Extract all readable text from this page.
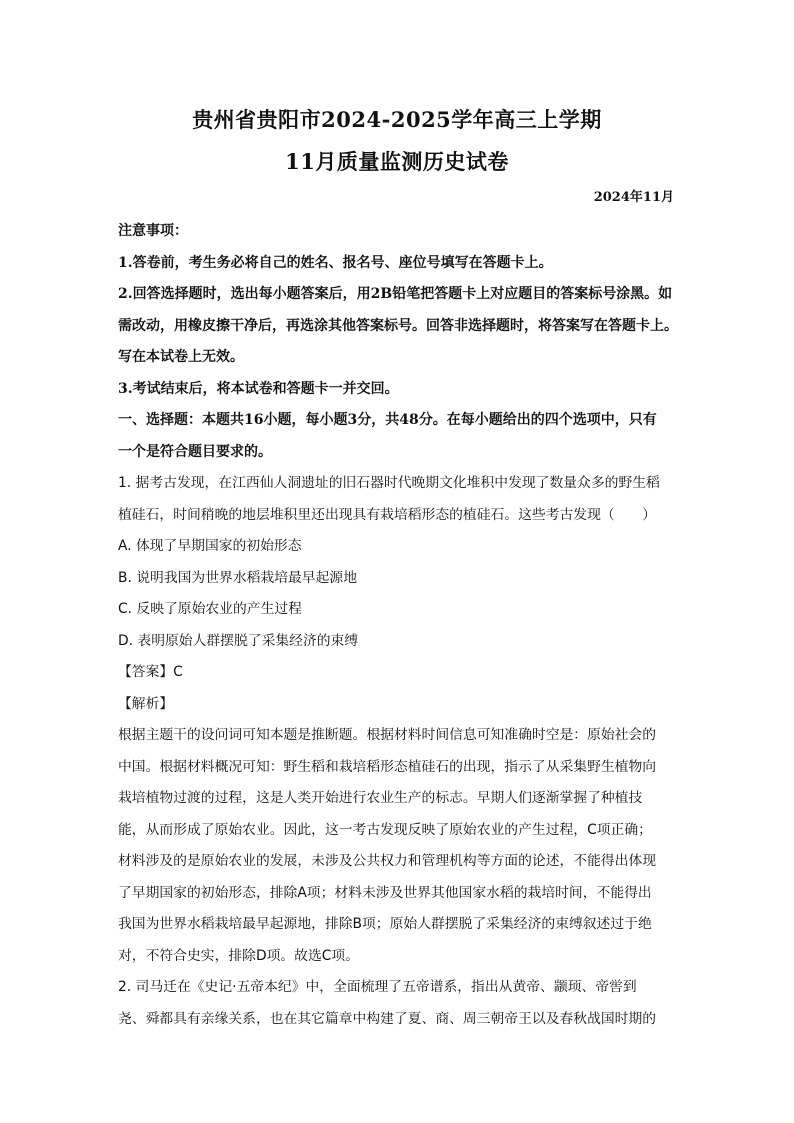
贵州省贵阳市2024-2025学年高三上学期
11月质量监测历史试卷
2024年11月
注意事项：
1.答卷前，考生务必将自己的姓名、报名号、座位号填写在答题卡上。
2.回答选择题时，选出每小题答案后，用2B铅笔把答题卡上对应题目的答案标号涂黑。如
需改动，用橡皮擦干净后，再选涂其他答案标号。回答非选择题时，将答案写在答题卡上。
写在本试卷上无效。
3.考试结束后，将本试卷和答题卡一并交回。
一、选择题：本题共16小题，每小题3分，共48分。在每小题给出的四个选项中，只有
一个是符合题目要求的。
1. 据考古发现，在江西仙人洞遗址的旧石器时代晚期文化堆积中发现了数量众多的野生稻
植硅石，时间稍晚的地层堆积里还出现具有栽培稻形态的植硅石。这些考古发现（　　）
A. 体现了早期国家的初始形态
B. 说明我国为世界水稻栽培最早起源地
C. 反映了原始农业的产生过程
D. 表明原始人群摆脱了采集经济的束缚
【答案】C
【解析】
根据主题干的设问词可知本题是推断题。根据材料时间信息可知准确时空是：原始社会的
中国。根据材料概况可知：野生稻和栽培稻形态植硅石的出现，指示了从采集野生植物向
栽培植物过渡的过程，这是人类开始进行农业生产的标志。早期人们逐渐掌握了种植技
能，从而形成了原始农业。因此，这一考古发现反映了原始农业的产生过程，C项正确；
材料涉及的是原始农业的发展，未涉及公共权力和管理机构等方面的论述，不能得出体现
了早期国家的初始形态，排除A项；材料未涉及世界其他国家水稻的栽培时间，不能得出
我国为世界水稻栽培最早起源地，排除B项；原始人群摆脱了采集经济的束缚叙述过于绝
对，不符合史实，排除D项。故选C项。
2. 司马迁在《史记·五帝本纪》中，全面梳理了五帝谱系，指出从黄帝、颛顼、帝喾到
尧、舜都具有亲缘关系，也在其它篇章中构建了夏、商、周三朝帝王以及春秋战国时期的
